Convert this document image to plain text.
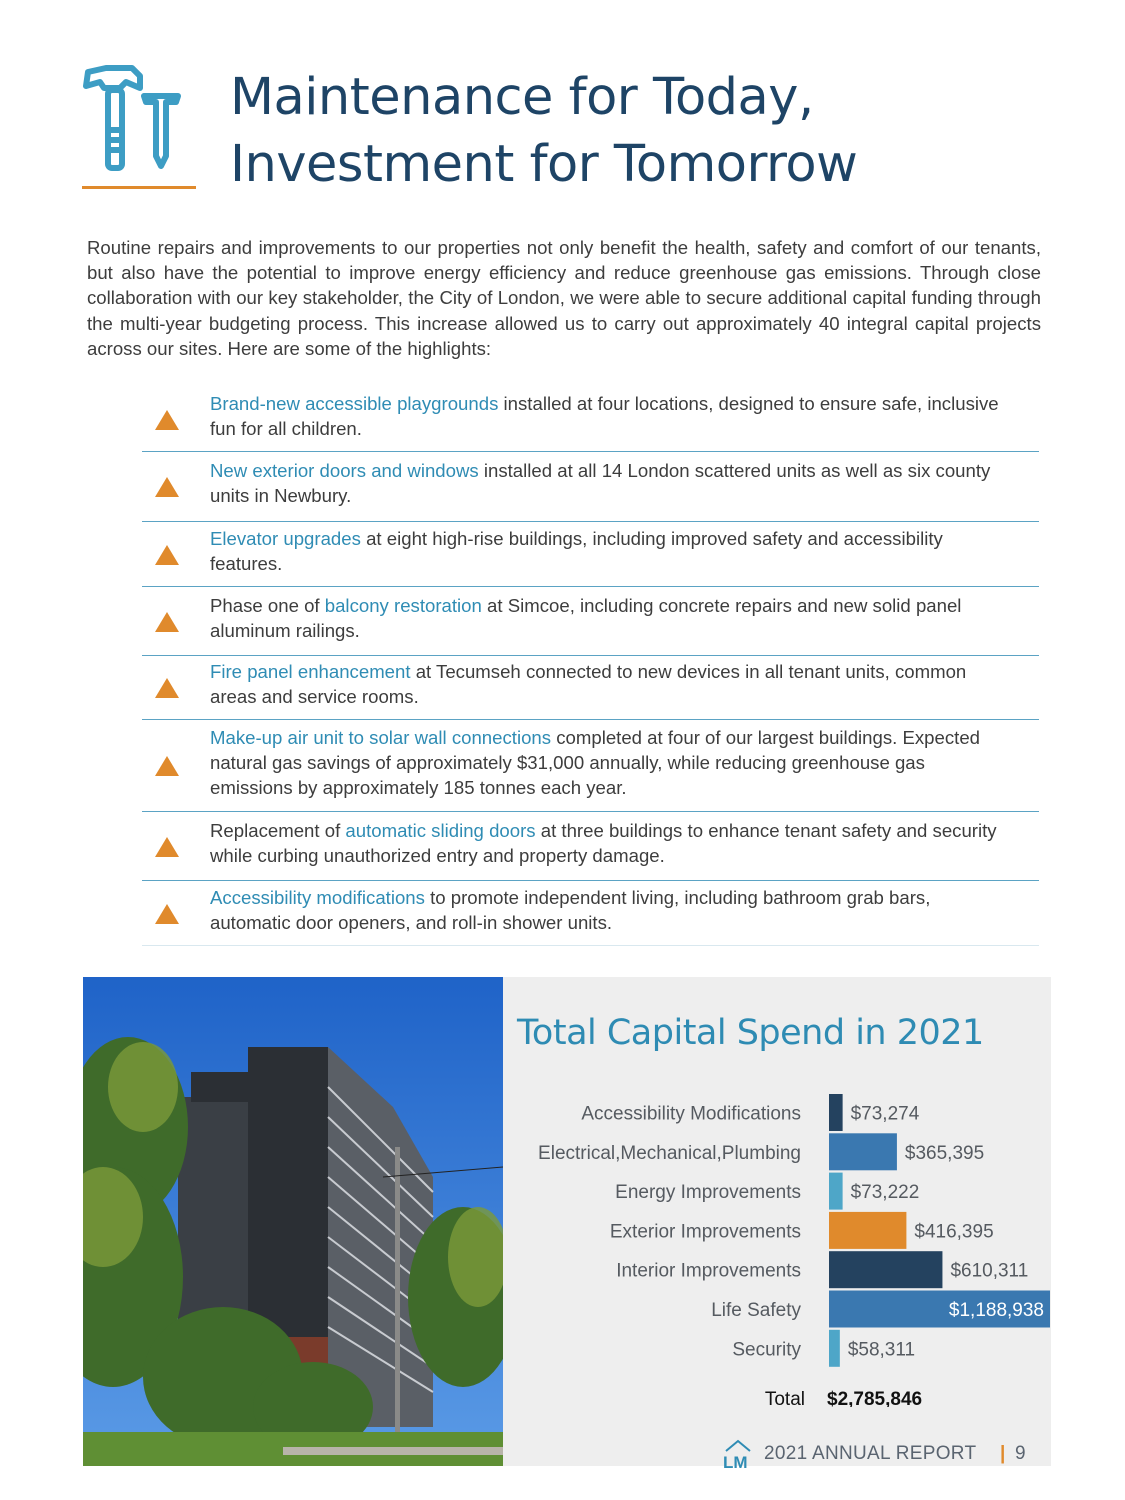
Maintenance for Today,
Investment for Tomorrow

Routine repairs and improvements to our properties not only benefit the health, safety and comfort of our tenants, but also have the potential to improve energy efficiency and reduce greenhouse gas emissions. Through close collaboration with our key stakeholder, the City of London, we were able to secure additional capital funding through the multi-year budgeting process. This increase allowed us to carry out approximately 40 integral capital projects across our sites. Here are some of the highlights:

Brand-new accessible playgrounds installed at four locations, designed to ensure safe, inclusive fun for all children.
New exterior doors and windows installed at all 14 London scattered units as well as six county units in Newbury.
Elevator upgrades at eight high-rise buildings, including improved safety and accessibility features.
Phase one of balcony restoration at Simcoe, including concrete repairs and new solid panel aluminum railings.
Fire panel enhancement at Tecumseh connected to new devices in all tenant units, common areas and service rooms.
Make-up air unit to solar wall connections completed at four of our largest buildings. Expected natural gas savings of approximately $31,000 annually, while reducing greenhouse gas emissions by approximately 185 tonnes each year.
Replacement of automatic sliding doors at three buildings to enhance tenant safety and security while curbing unauthorized entry and property damage.
Accessibility modifications to promote independent living, including bathroom grab bars, automatic door openers, and roll-in shower units.
Total Capital Spend in 2021
Accessibility Modifications	$73,274
Electrical,Mechanical,Plumbing	$365,395
Energy Improvements	$73,222
Exterior Improvements	$416,395
Interior Improvements	$610,311
Life Safety	$1,188,938
Security $58,311
Total $2,785,846
LM 2021 ANNUAL REPORT | 9
